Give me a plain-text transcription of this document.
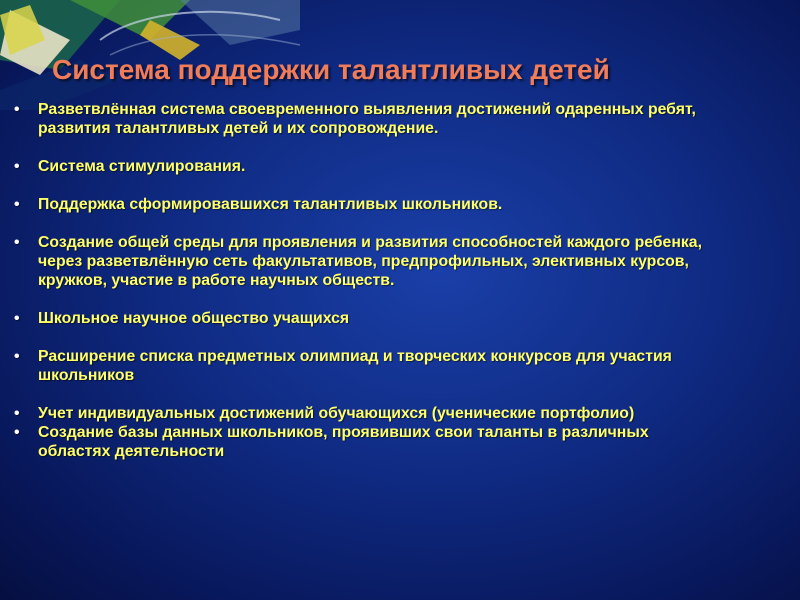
Система поддержки талантливых детей
• Разветвлённая система своевременного выявления достижений одаренных ребят, развития талантливых детей и их сопровождение.
• Система стимулирования.
• Поддержка сформировавшихся талантливых школьников.
• Создание общей среды для проявления и развития способностей каждого ребенка, через разветвлённую сеть факультативов, предпрофильных, элективных курсов, кружков, участие в работе научных обществ.
• Школьное научное общество учащихся
• Расширение списка предметных олимпиад и творческих конкурсов для участия школьников
• Учет индивидуальных достижений обучающихся (ученические портфолио)
• Создание базы данных школьников, проявивших свои таланты в различных областях деятельности
